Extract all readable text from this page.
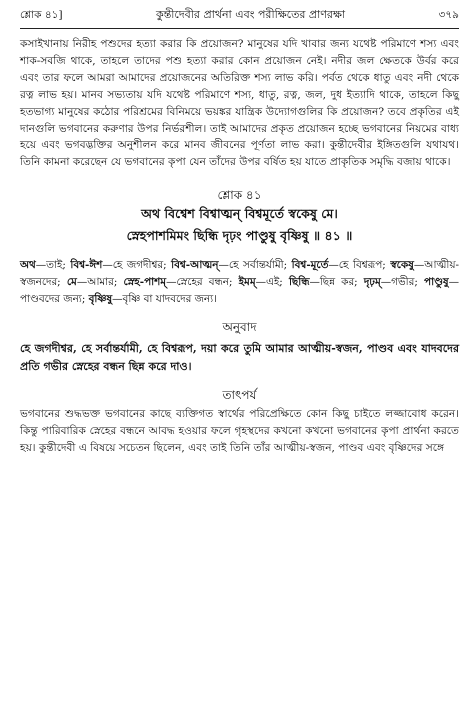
শ্লোক ৪১]	কুন্তীদেবীর প্রার্থনা এবং পরীক্ষিতের প্রাণরক্ষা	৩৭৯

কসাইখানায় নিরীহ পশুদের হত্যা করার কি প্রয়োজন? মানুষের যদি খাবার জন্য যথেষ্ট পরিমাণে শস্য এবং শাক-সবজি থাকে, তাহলে তাদের পশু হত্যা করার কোন প্রয়োজন নেই। নদীর জল ক্ষেতকে উর্বর করে এবং তার ফলে আমরা আমাদের প্রয়োজনের অতিরিক্ত শস্য লাভ করি। পর্বত থেকে ধাতু এবং নদী থেকে রত্ন লাভ হয়। মানব সভ্যতায় যদি যথেষ্ট পরিমাণে শস্য, ধাতু, রত্ন, জল, দুধ ইত্যাদি থাকে, তাহলে কিছু হতভাগ্য মানুষের কঠোর পরিশ্রমের বিনিময়ে ভয়ঙ্কর যান্ত্রিক উদ্যোগগুলির কি প্রয়োজন? তবে প্রকৃতির এই দানগুলি ভগবানের করুণার উপর নির্ভরশীল। তাই আমাদের প্রকৃত প্রয়োজন হচ্ছে ভগবানের নিয়মের বাধ্য হয়ে এবং ভগবদ্ভক্তির অনুশীলন করে মানব জীবনের পূর্ণতা লাভ করা। কুন্তীদেবীর ইঙ্গিতগুলি যথাযথ। তিনি কামনা করেছেন যে ভগবানের কৃপা যেন তাঁদের উপর বর্ষিত হয় যাতে প্রাকৃতিক সমৃদ্ধি বজায় থাকে।

শ্লোক ৪১
অথ বিশ্বেশ বিশ্বাত্মন্ বিশ্বমূর্তে স্বকেষু মে।
স্নেহপাশমিমং ছিন্ধি দৃঢ়ং পাণ্ডুষু বৃষ্ণিষু ॥ ৪১ ॥
অথ—তাই; বিশ্ব-ঈশ—হে জগদীশ্বর; বিশ্ব-আত্মন্—হে সর্বান্তর্যামী; বিশ্ব-মূর্তে—হে বিশ্বরূপ; স্বকেষু—আত্মীয়-স্বজনদের; মে—আমার; স্নেহ-পাশম্—স্নেহের বন্ধন; ইমম্—এই; ছিন্ধি—ছিন্ন কর; দৃঢ়ম্—গভীর; পাণ্ডুষু—পাণ্ডবদের জন্য; বৃষ্ণিষু—বৃষ্ণি বা যাদবদের জন্য।
অনুবাদ
হে জগদীশ্বর, হে সর্বান্তর্যামী, হে বিশ্বরূপ, দয়া করে তুমি আমার আত্মীয়-স্বজন, পাণ্ডব এবং যাদবদের প্রতি গভীর স্নেহের বন্ধন ছিন্ন করে দাও।
তাৎপর্য
ভগবানের শুদ্ধভক্ত ভগবানের কাছে ব্যক্তিগত স্বার্থের পরিপ্রেক্ষিতে কোন কিছু চাইতে লজ্জাবোধ করেন। কিন্তু পারিবারিক স্নেহের বন্ধনে আবদ্ধ হওয়ার ফলে গৃহস্থদের কখনো কখনো ভগবানের কৃপা প্রার্থনা করতে হয়। কুন্তীদেবী এ বিষয়ে সচেতন ছিলেন, এবং তাই তিনি তাঁর আত্মীয়-স্বজন, পাণ্ডব এবং বৃষ্ণিদের সঙ্গে
